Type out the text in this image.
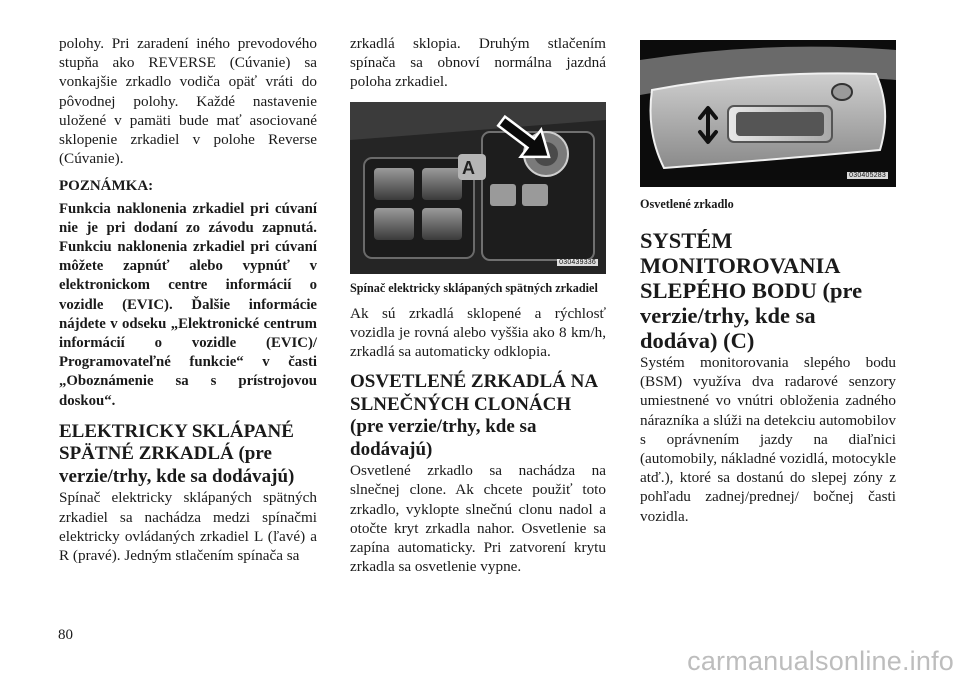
polohy. Pri zaradení iného prevodového stupňa ako REVERSE (Cúvanie) sa vonkajšie zrkadlo vodiča opäť vráti do pôvodnej polohy. Každé nastavenie uložené v pamäti bude mať asociované sklopenie zrkadiel v polohe Reverse (Cúvanie).

POZNÁMKA:

Funkcia naklonenia zrkadiel pri cúvaní nie je pri dodaní zo závodu zapnutá. Funkciu naklonenia zrkadiel pri cúvaní môžete zapnúť alebo vypnúť v elektronickom centre informácií o vozidle (EVIC). Ďalšie informácie nájdete v odseku „Elektronické centrum informácií o vozidle (EVIC)/ Programovateľné funkcie“ v časti „Oboznámenie sa s prístrojovou doskou“.

ELEKTRICKY SKLÁPANÉ SPÄTNÉ ZRKADLÁ (pre verzie/trhy, kde sa dodávajú)

Spínač elektricky sklápaných spätných zrkadiel sa nachádza medzi spínačmi elektricky ovládaných zrkadiel L (ľavé) a R (pravé). Jedným stlačením spínača sa

zrkadlá sklopia. Druhým stlačením spínača sa obnoví normálna jazdná poloha zrkadiel.

A
030439336

Spínač elektricky sklápaných spätných zrkadiel

Ak sú zrkadlá sklopené a rýchlosť vozidla je rovná alebo vyššia ako 8 km/h, zrkadlá sa automaticky odklopia.

OSVETLENÉ ZRKADLÁ NA SLNEČNÝCH CLONÁCH (pre verzie/trhy, kde sa dodávajú)

Osvetlené zrkadlo sa nachádza na slnečnej clone. Ak chcete použiť toto zrkadlo, vyklopte slnečnú clonu nadol a otočte kryt zrkadla nahor. Osvetlenie sa zapína automaticky. Pri zatvorení krytu zrkadla sa osvetlenie vypne.

030405283

Osvetlené zrkadlo

SYSTÉM MONITOROVANIA SLEPÉHO BODU (pre verzie/trhy, kde sa dodáva) (C)

Systém monitorovania slepého bodu (BSM) využíva dva radarové senzory umiestnené vo vnútri obloženia zadného nárazníka a slúži na detekciu automobilov s oprávnením jazdy na diaľnici (automobily, nákladné vozidlá, motocykle atď.), ktoré sa dostanú do slepej zóny z pohľadu zadnej/prednej/ bočnej časti vozidla.

80
carmanualsonline.info
